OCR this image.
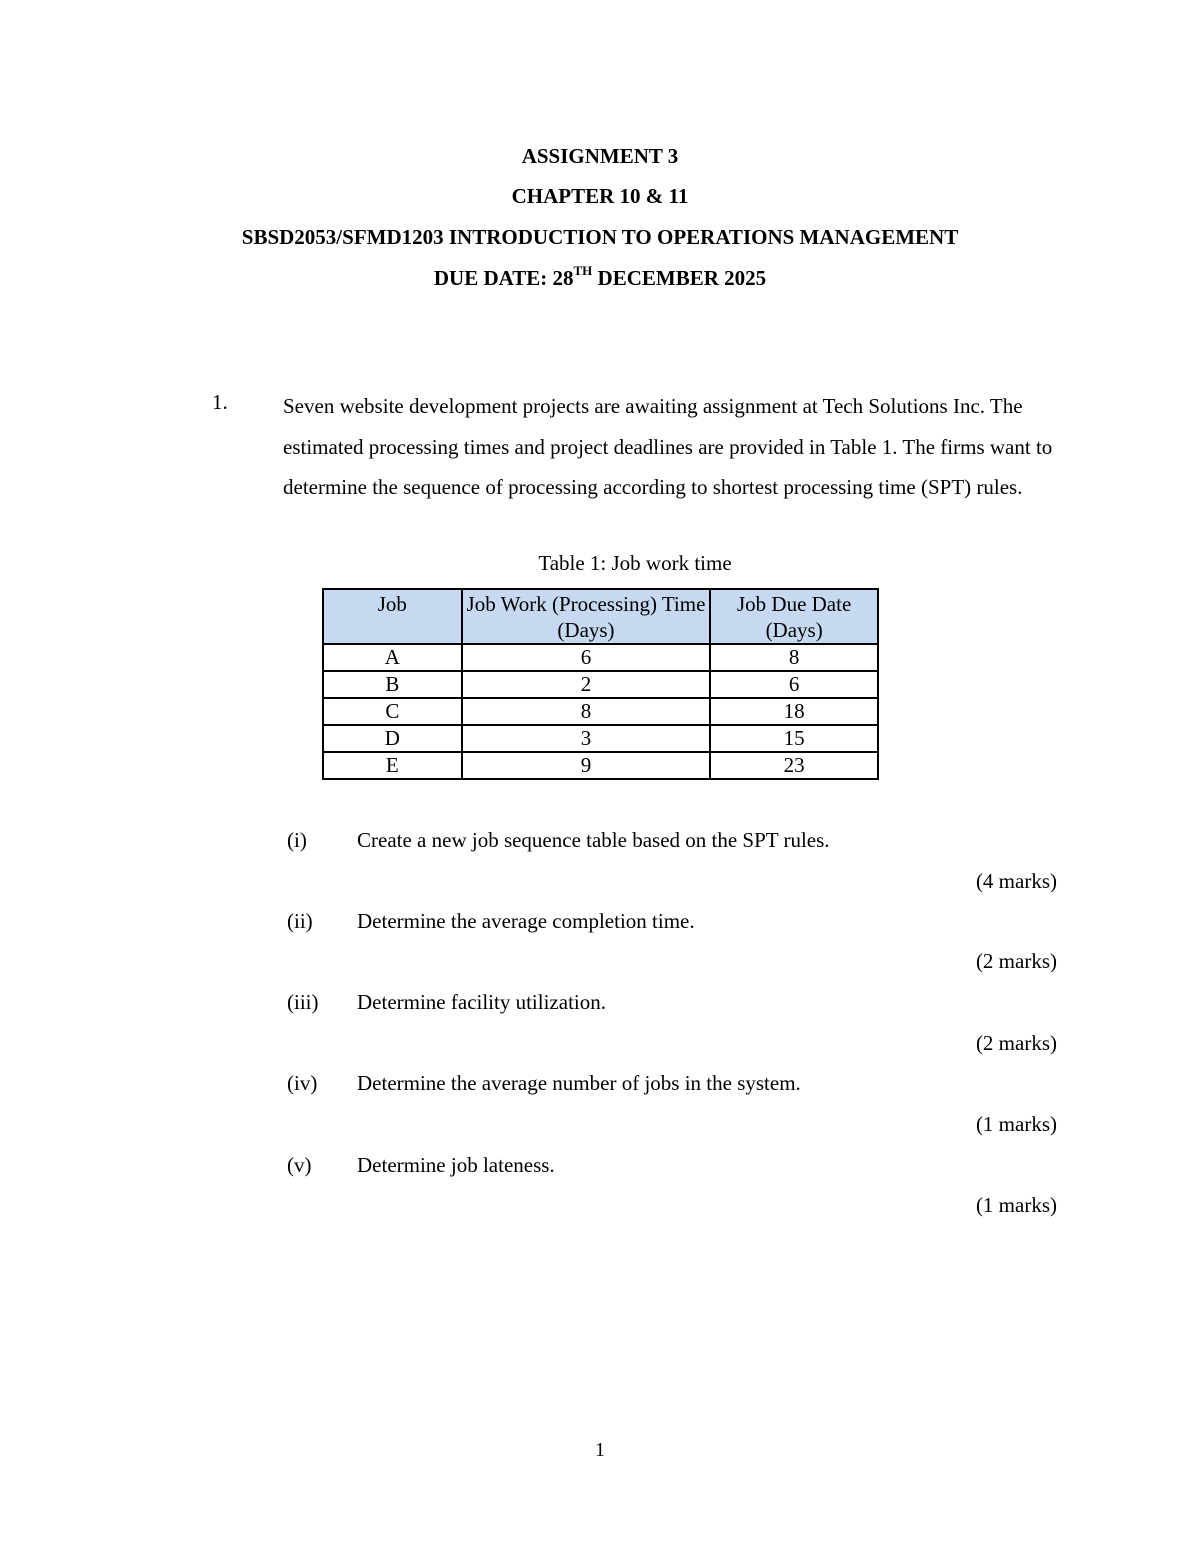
ASSIGNMENT 3
CHAPTER 10 & 11
SBSD2053/SFMD1203 INTRODUCTION TO OPERATIONS MANAGEMENT
DUE DATE: 28TH DECEMBER 2025
1.	Seven website development projects are awaiting assignment at Tech Solutions Inc. The estimated processing times and project deadlines are provided in Table 1. The firms want to determine the sequence of processing according to shortest processing time (SPT) rules.
Table 1: Job work time
Job	Job Work (Processing) Time (Days)	Job Due Date (Days)
A	6	8
B	2	6
C	8	18
D	3	15
E	9	23
(i) Create a new job sequence table based on the SPT rules.
(4 marks)
(ii) Determine the average completion time.
(2 marks)
(iii) Determine facility utilization.
(2 marks)
(iv) Determine the average number of jobs in the system.
(1 marks)
(v) Determine job lateness.
(1 marks)
1
